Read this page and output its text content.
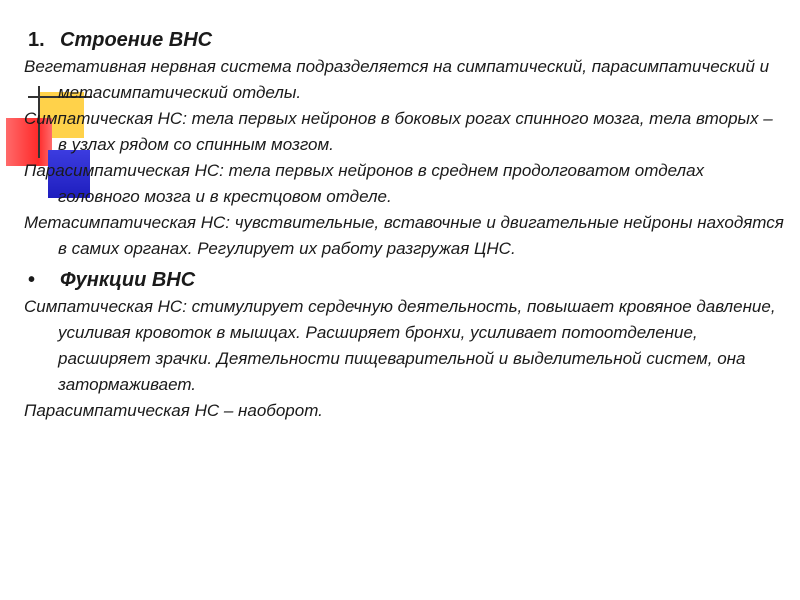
1. Строение ВНС

Вегетативная нервная система подразделяется на симпатический, парасимпатический и метасимпатический отделы.

Симпатическая НС: тела первых нейронов в боковых рогах спинного мозга, тела вторых – в узлах рядом со спинным мозгом.

Парасимпатическая НС: тела первых нейронов в среднем продолговатом отделах головного мозга и в крестцовом отделе.

Метасимпатическая НС: чувствительные, вставочные и двигательные нейроны находятся в самих органах. Регулирует их работу разгружая ЦНС.

•	Функции ВНС

Симпатическая НС: стимулирует сердечную деятельность, повышает кровяное давление, усиливая кровоток в мышцах. Расширяет бронхи, усиливает потоотделение, расширяет зрачки. Деятельности пищеварительной и выделительной систем, она затормаживает.

Парасимпатическая НС – наоборот.
